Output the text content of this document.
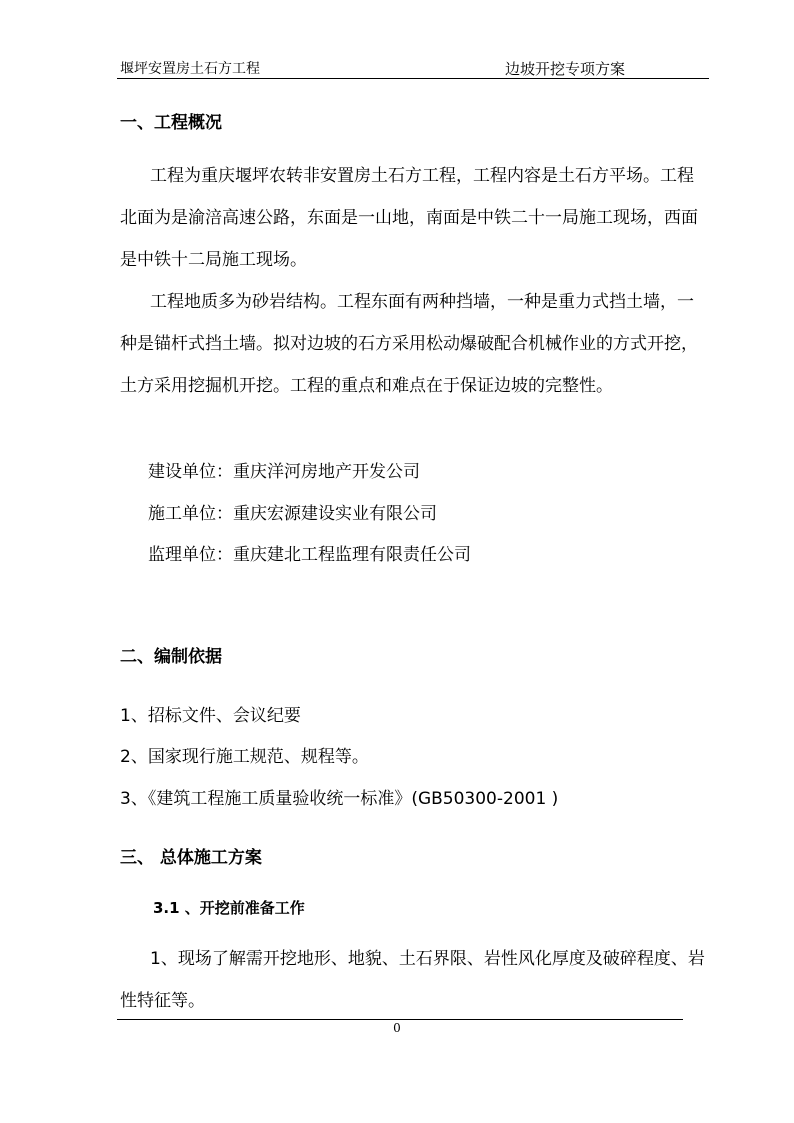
堰坪安置房土石方工程	边坡开挖专项方案
一、工程概况

工程为重庆堰坪农转非安置房土石方工程，工程内容是土石方平场。工程北面为是渝涪高速公路，东面是一山地，南面是中铁二十一局施工现场，西面是中铁十二局施工现场。

工程地质多为砂岩结构。工程东面有两种挡墙，一种是重力式挡土墙，一种是锚杆式挡土墙。拟对边坡的石方采用松动爆破配合机械作业的方式开挖，土方采用挖掘机开挖。工程的重点和难点在于保证边坡的完整性。

建设单位：重庆洋河房地产开发公司
施工单位：重庆宏源建设实业有限公司
监理单位：重庆建北工程监理有限责任公司
二、编制依据
1、招标文件、会议纪要
2、国家现行施工规范、规程等。
3、《建筑工程施工质量验收统一标准》(GB50300-2001 )
三、 总体施工方案
3.1 、开挖前准备工作

1、现场了解需开挖地形、地貌、土石界限、岩性风化厚度及破碎程度、岩性特征等。

0
